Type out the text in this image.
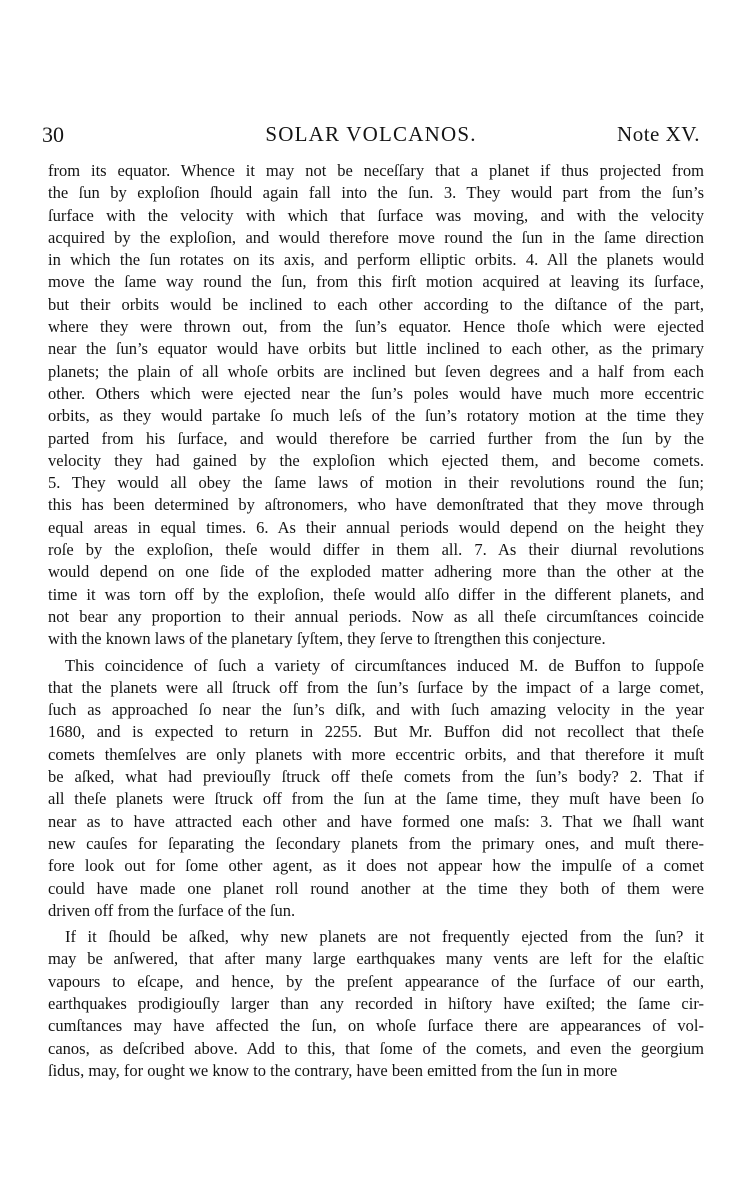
30	SOLAR VOLCANOS.	Note XV.
from its equator. Whence it may not be neceſſary that a planet if thus projected from
the ſun by exploſion ſhould again fall into the ſun. 3. They would part from the ſun’s
ſurface with the velocity with which that ſurface was moving, and with the velocity
acquired by the exploſion, and would therefore move round the ſun in the ſame direction
in which the ſun rotates on its axis, and perform elliptic orbits. 4. All the planets would
move the ſame way round the ſun, from this firſt motion acquired at leaving its ſurface,
but their orbits would be inclined to each other according to the diſtance of the part,
where they were thrown out, from the ſun’s equator. Hence thoſe which were ejected
near the ſun’s equator would have orbits but little inclined to each other, as the primary
planets; the plain of all whoſe orbits are inclined but ſeven degrees and a half from each
other. Others which were ejected near the ſun’s poles would have much more eccentric
orbits, as they would partake ſo much leſs of the ſun’s rotatory motion at the time they
parted from his ſurface, and would therefore be carried further from the ſun by the
velocity they had gained by the exploſion which ejected them, and become comets.
5. They would all obey the ſame laws of motion in their revolutions round the ſun;
this has been determined by aſtronomers, who have demonſtrated that they move through
equal areas in equal times. 6. As their annual periods would depend on the height they
roſe by the exploſion, theſe would differ in them all. 7. As their diurnal revolutions
would depend on one ſide of the exploded matter adhering more than the other at the
time it was torn off by the exploſion, theſe would alſo differ in the different planets, and
not bear any proportion to their annual periods. Now as all theſe circumſtances coincide
with the known laws of the planetary ſyſtem, they ſerve to ſtrengthen this conjecture.
This coincidence of ſuch a variety of circumſtances induced M. de Buffon to ſuppoſe
that the planets were all ſtruck off from the ſun’s ſurface by the impact of a large comet,
ſuch as approached ſo near the ſun’s diſk, and with ſuch amazing velocity in the year
1680, and is expected to return in 2255. But Mr. Buffon did not recollect that theſe
comets themſelves are only planets with more eccentric orbits, and that therefore it muſt
be aſked, what had previouſly ſtruck off theſe comets from the ſun’s body? 2. That if
all theſe planets were ſtruck off from the ſun at the ſame time, they muſt have been ſo
near as to have attracted each other and have formed one maſs: 3. That we ſhall want
new cauſes for ſeparating the ſecondary planets from the primary ones, and muſt there-
fore look out for ſome other agent, as it does not appear how the impulſe of a comet
could have made one planet roll round another at the time they both of them were
driven off from the ſurface of the ſun.
If it ſhould be aſked, why new planets are not frequently ejected from the ſun? it
may be anſwered, that after many large earthquakes many vents are left for the elaſtic
vapours to eſcape, and hence, by the preſent appearance of the ſurface of our earth,
earthquakes prodigiouſly larger than any recorded in hiſtory have exiſted; the ſame cir-
cumſtances may have affected the ſun, on whoſe ſurface there are appearances of vol-
canos, as deſcribed above. Add to this, that ſome of the comets, and even the georgium
ſidus, may, for ought we know to the contrary, have been emitted from the ſun in more
